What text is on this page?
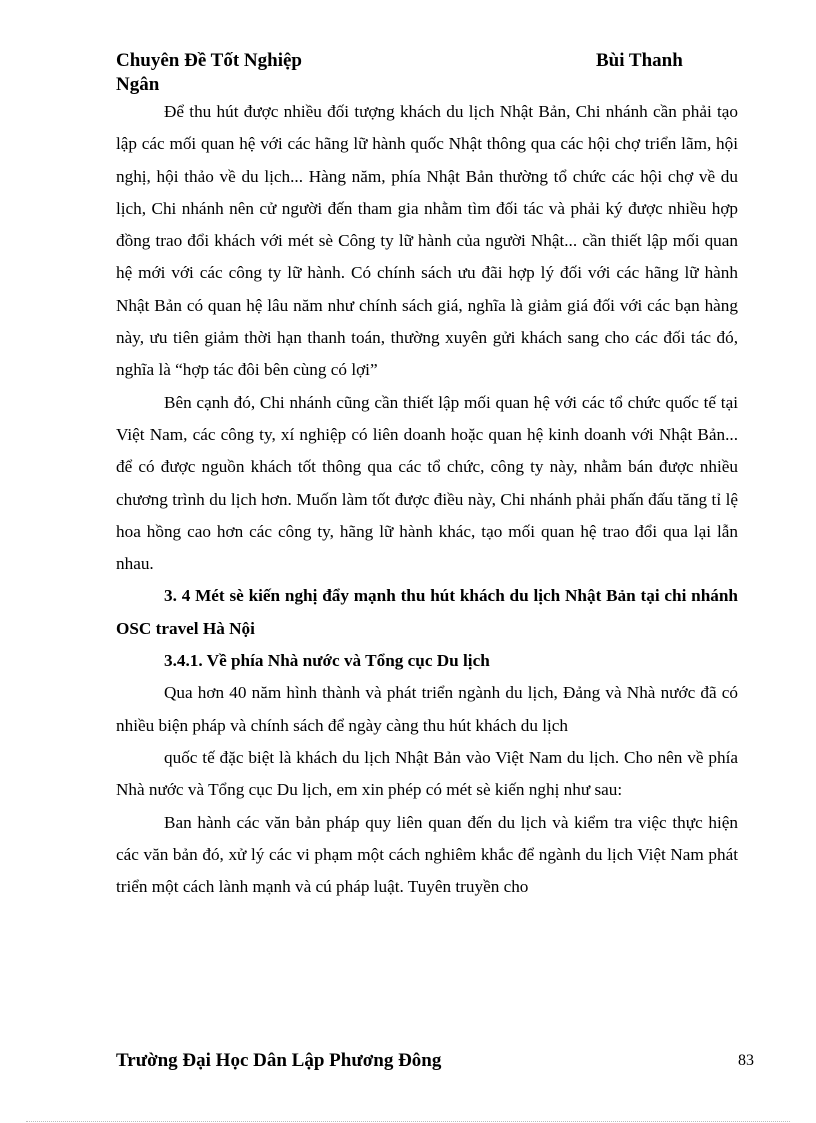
Chuyên Đề Tốt Nghiệp	Bùi Thanh
Ngân

Để thu hút được nhiều đối tượng khách du lịch Nhật Bản, Chi nhánh cần phải tạo lập các mối quan hệ với các hãng lữ hành quốc Nhật thông qua các hội chợ triển lãm, hội nghị, hội thảo về du lịch... Hàng năm, phía Nhật Bản thường tổ chức các hội chợ về du lịch, Chi nhánh nên cử người đến tham gia nhằm tìm đối tác và phải ký được nhiều hợp đồng trao đổi khách với mét sè Công ty lữ hành của người Nhật... cần thiết lập mối quan hệ mới với các công ty lữ hành. Có chính sách ưu đãi hợp lý đối với các hãng lữ hành Nhật Bản có quan hệ lâu năm như chính sách giá, nghĩa là giảm giá đối với các bạn hàng này, ưu tiên giảm thời hạn thanh toán, thường xuyên gửi khách sang cho các đối tác đó, nghĩa là “hợp tác đôi bên cùng có lợi”

Bên cạnh đó, Chi nhánh cũng cần thiết lập mối quan hệ với các tổ chức quốc tế tại Việt Nam, các công ty, xí nghiệp có liên doanh hoặc quan hệ kinh doanh với Nhật Bản... để có được nguồn khách tốt thông qua các tổ chức, công ty này, nhằm bán được nhiều chương trình du lịch hơn. Muốn làm tốt được điều này, Chi nhánh phải phấn đấu tăng tỉ lệ hoa hồng cao hơn các công ty, hãng lữ hành khác, tạo mối quan hệ trao đổi qua lại lẫn nhau.

3. 4 Mét sè kiến nghị đẩy mạnh thu hút khách du lịch Nhật Bản tại chi nhánh OSC travel Hà Nội

3.4.1. Về phía Nhà nước và Tổng cục Du lịch

Qua hơn 40 năm hình thành và phát triển ngành du lịch, Đảng và Nhà nước đã có nhiều biện pháp và chính sách để ngày càng thu hút khách du lịch

quốc tế đặc biệt là khách du lịch Nhật Bản vào Việt Nam du lịch. Cho nên về phía Nhà nước và Tổng cục Du lịch, em xin phép có mét sè kiến nghị như sau:

Ban hành các văn bản pháp quy liên quan đến du lịch và kiểm tra việc thực hiện các văn bản đó, xử lý các vi phạm một cách nghiêm khắc để ngành du lịch Việt Nam phát triển một cách lành mạnh và cú pháp luật. Tuyên truyền cho

Trường Đại Học Dân Lập Phương Đông	83
